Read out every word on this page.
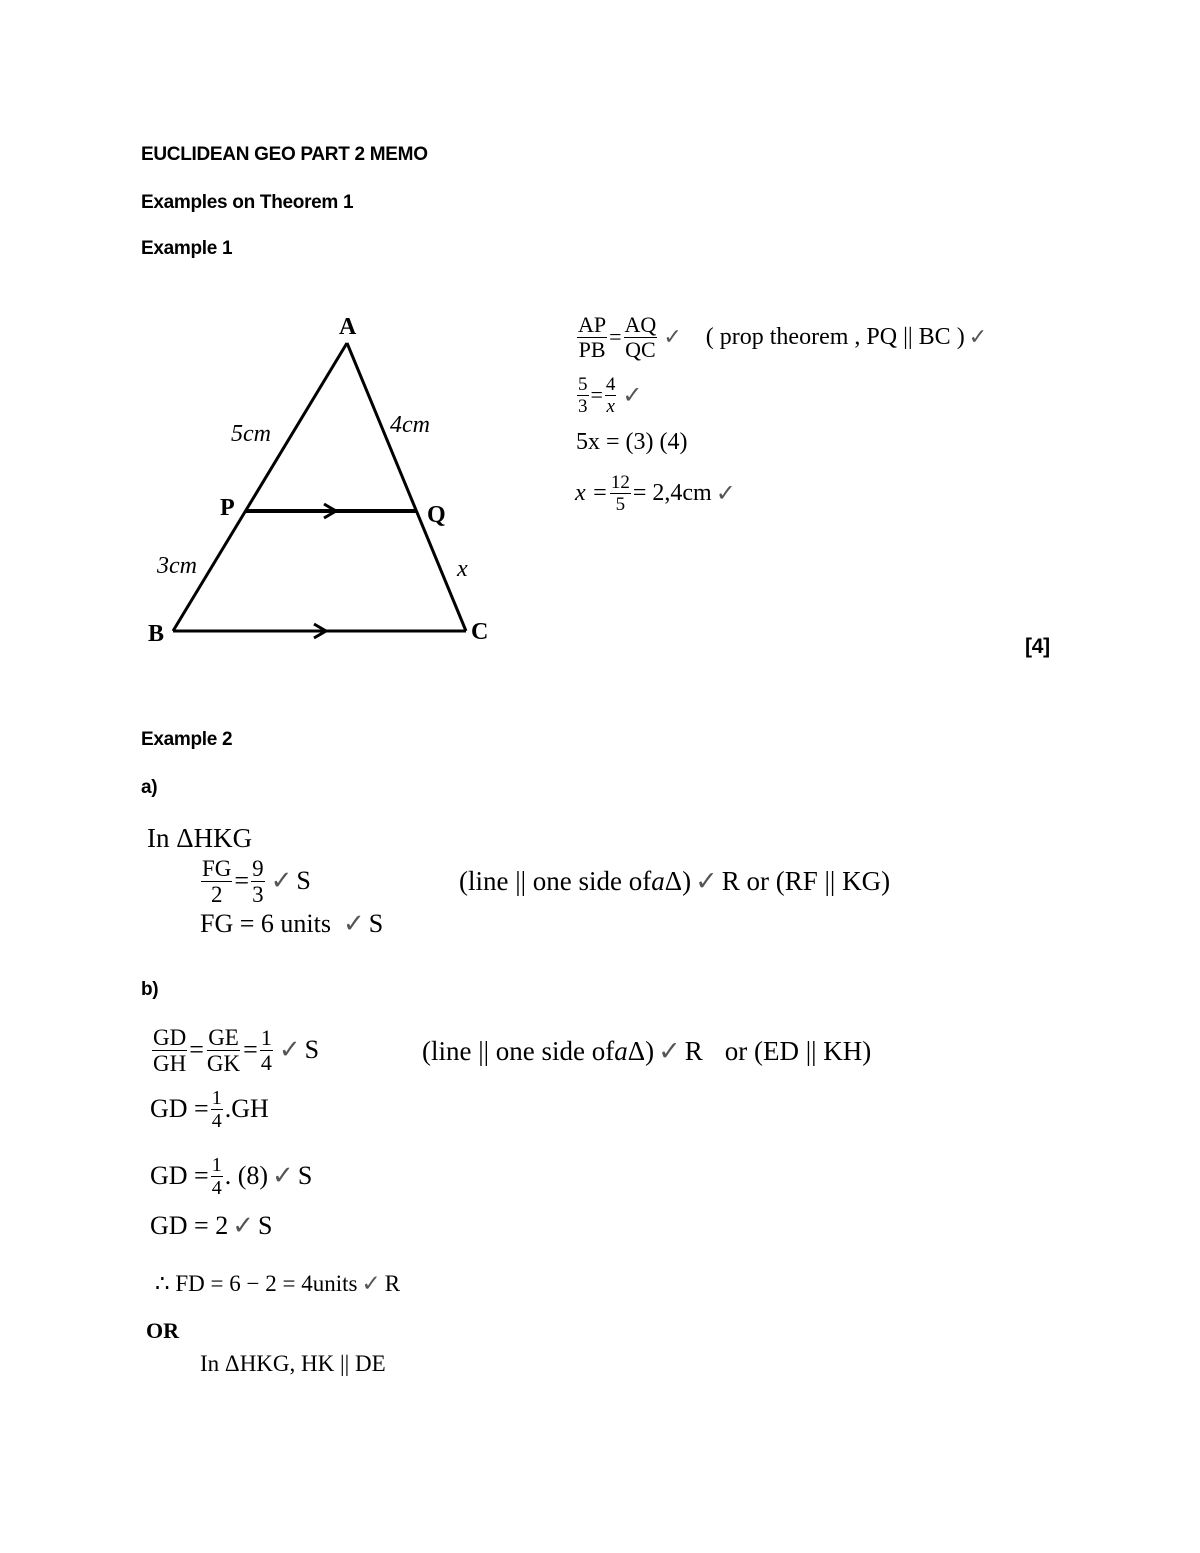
EUCLIDEAN GEO PART 2 MEMO
Examples on Theorem 1
Example 1
A
P	Q
B	C
5cm	4cm
3cm	x
$\frac{AP}{PB} = \frac{AQ}{QC}$ ✓ ( prop theorem , PQ || BC ) ✓
$\frac{5}{3} = \frac{4}{x}$ ✓
5x = (3) (4)
$x = \frac{12}{5} = 2,4cm$ ✓
[4]
Example 2
a)
In ΔHKG
$\frac{FG}{2} = \frac{9}{3}$ ✓ S	(line || one side of a Δ) ✓ R or (RF || KG)
FG = 6 units ✓ S
b)
$\frac{GD}{GH} = \frac{GE}{GK} = \frac{1}{4}$ ✓ S	(line || one side of a Δ) ✓ R or (ED || KH)
GD = $\frac{1}{4} .GH$
GD = $\frac{1}{4}$ . (8) ✓ S
GD = 2 ✓ S
∴ FD = 6 − 2 = 4units ✓ R
OR
In ΔHKG, HK || DE
